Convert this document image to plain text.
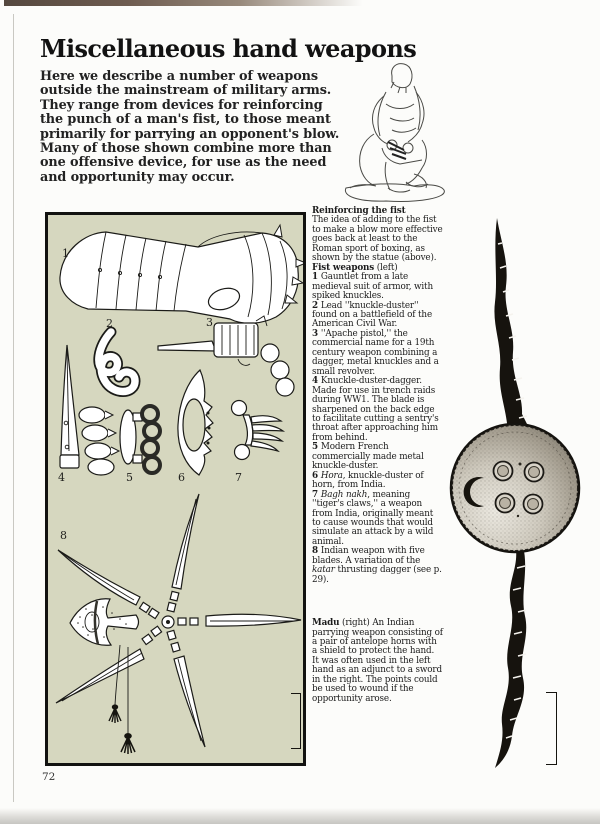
Miscellaneous hand weapons
Here we describe a number of weapons outside the mainstream of military arms. They range from devices for reinforcing the punch of a man's fist, to those meant primarily for parrying an opponent's blow. Many of those shown combine more than one offensive device, for use as the need and opportunity may occur.
1
2	3
4	5	6	7
8
Reinforcing the fist
The idea of adding to the fist to make a blow more effective goes back at least to the Roman sport of boxing, as shown by the statue (above).
Fist weapons (left)
1 Gauntlet from a late medieval suit of armor, with spiked knuckles.
2 Lead ''knuckle-duster'' found on a battlefield of the American Civil War.
3 ''Apache pistol,'' the commercial name for a 19th century weapon combining a dagger, metal knuckles and a small revolver.
4 Knuckle-duster-dagger. Made for use in trench raids during WW1. The blade is sharpened on the back edge to facilitate cutting a sentry's throat after approaching him from behind.
5 Modern French commercially made metal knuckle-duster.
6 Hora, knuckle-duster of horn, from India.
7 Bagh nakh, meaning ''tiger's claws,'' a weapon from India, originally meant to cause wounds that would simulate an attack by a wild animal.
8 Indian weapon with five blades. A variation of the katar thrusting dagger (see p. 29).
Madu (right) An Indian parrying weapon consisting of a pair of antelope horns with a shield to protect the hand. It was often used in the left hand as an adjunct to a sword in the right. The points could be used to wound if the opportunity arose.
72
